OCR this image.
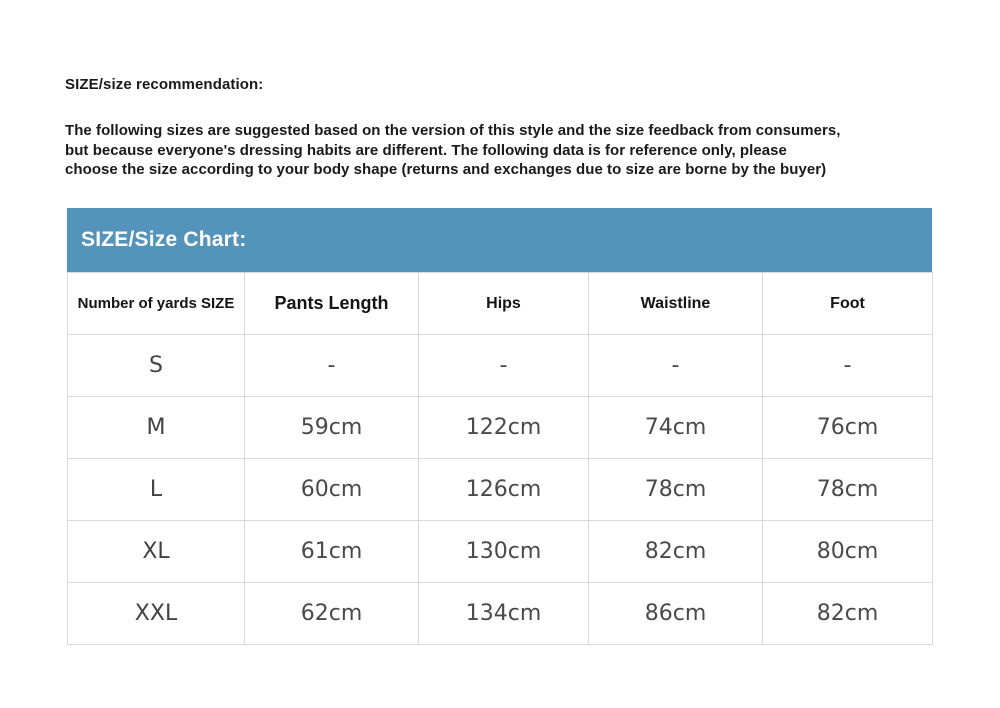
SIZE/size recommendation:
The following sizes are suggested based on the version of this style and the size feedback from consumers,
but because everyone's dressing habits are different. The following data is for reference only, please
choose the size according to your body shape (returns and exchanges due to size are borne by the buyer)
SIZE/Size Chart:
Number of yards SIZE	Pants Length	Hips	Waistline	Foot
S	-	-	-	-
M	59cm	122cm	74cm	76cm
L	60cm	126cm	78cm	78cm
XL	61cm	130cm	82cm	80cm
XXL	62cm	134cm	86cm	82cm
